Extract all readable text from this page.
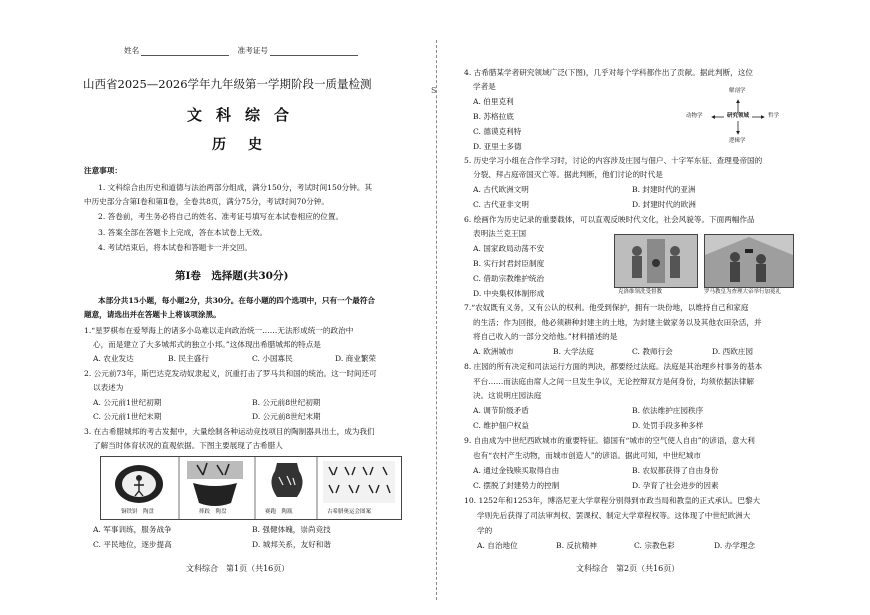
姓名	准考证号
山西省2025—2026学年九年级第一学期阶段一质量检测
文科综合
历史
注意事项：
1. 文科综合由历史和道德与法治两部分组成，满分150分，考试时间150分钟。其
中历史部分含第Ⅰ卷和第Ⅱ卷，全卷共8页，满分75分，考试时间70分钟。
2. 答卷前，考生务必将自己的姓名、准考证号填写在本试卷相应的位置。
3. 答案全部在答题卡上完成，答在本试卷上无效。
4. 考试结束后，将本试卷和答题卡一并交回。
第Ⅰ卷　选择题(共30分)
本部分共15小题，每小题2分，共30分。在每小题的四个选项中，只有一个最符合
题意，请选出并在答题卡上将该项涂黑。
1.“星罗棋布在爱琴海上的诸多小岛难以走向政治统一……无法形成统一的政治中
心，而是建立了大多城邦式的独立小邦。”这体现出希腊城邦的特点是
A. 农业发达	B. 民主盛行	C. 小国寡民	D. 商业繁荣
2. 公元前73年，斯巴达克发动奴隶起义，沉重打击了罗马共和国的统治。这一时间还可
以表述为
A. 公元前1世纪初期	B. 公元前8世纪初期
C. 公元前1世纪末期	D. 公元前8世纪末期
3. 在古希腊城邦的考古发掘中，大量绘制各种运动竞技项目的陶制器具出土，成为我们
了解当时体育状况的直观依据。下图主要展现了古希腊人
铜铁饼　陶盘	摔跤　陶盘	赛跑　陶瓶	古希腊奥运会图案
A. 军事训练，服务战争	B. 强健体魄，崇尚竞技
C. 平民地位，逐步提高	D. 城邦关系，友好和谐
文科综合　第1页（共16页）
S
4. 古希腊某学者研究领域广泛(下图)，几乎对每个学科都作出了贡献。据此判断，这位
学者是
A. 伯里克利
B. 苏格拉底
C. 德谟克利特
D. 亚里士多德
解剖学
研究领域
动物学	哲学
逻辑学
5. 历史学习小组在合作学习时，讨论的内容涉及庄园与佃户、十字军东征、查理曼帝国的
分裂、拜占庭帝国灭亡等。据此判断，他们讨论的时代是
A. 古代欧洲文明	B. 封建时代的亚洲
C. 古代亚非文明	D. 封建时代的欧洲
6. 绘画作为历史记录的重要载体，可以直观反映时代文化，社会风貌等。下面两幅作品
表明法兰克王国
A. 国家政局动荡不安
B. 实行封君封臣制度
C. 借助宗教维护统治
D. 中央集权体制形成	克洛维领洗受督教	罗马教皇为查理大帝举行加冕礼
7.“农奴既有义务，又有公认的权利。他受到保护，拥有一块份地，以维持自己和家庭
的生活；作为回报，他必须耕种封建主的土地，为封建主做家务以及其他农田杂活，并
将自己收入的一部分交给他。”材料描述的是
A. 欧洲城市	B. 大学法庭	C. 教师行会	D. 西欧庄园
8. 庄园的所有决定和司法运行方面的判决，都要经过法庭。法庭是其治理乡村事务的基本
平台……而法庭由席人之间一旦发生争议，无论控辩双方是何身份，均须依据法律解
决。这说明庄园法庭
A. 调节阶级矛盾	B. 依法维护庄园秩序
C. 维护佃户权益	D. 处罚手段多种多样
9. 自由成为中世纪西欧城市的重要特征。德国有“城市的空气使人自由”的谚语，意大利
也有“农村产生动物，而城市创造人”的谚语。据此可知，中世纪城市
A. 通过金钱赎买取得自由	B. 农奴都获得了自由身份
C. 摆脱了封建势力的控制	D. 孕育了社会进步的因素
10. 1252年和1253年，博洛尼亚大学章程分别得到市政当局和教皇的正式承认。巴黎大
学则先后获得了司法审判权、罢课权、制定大学章程权等。这体现了中世纪欧洲大
学的
A. 自治地位	B. 反抗精神	C. 宗教色彩	D. 办学理念
文科综合　第2页（共16页）
